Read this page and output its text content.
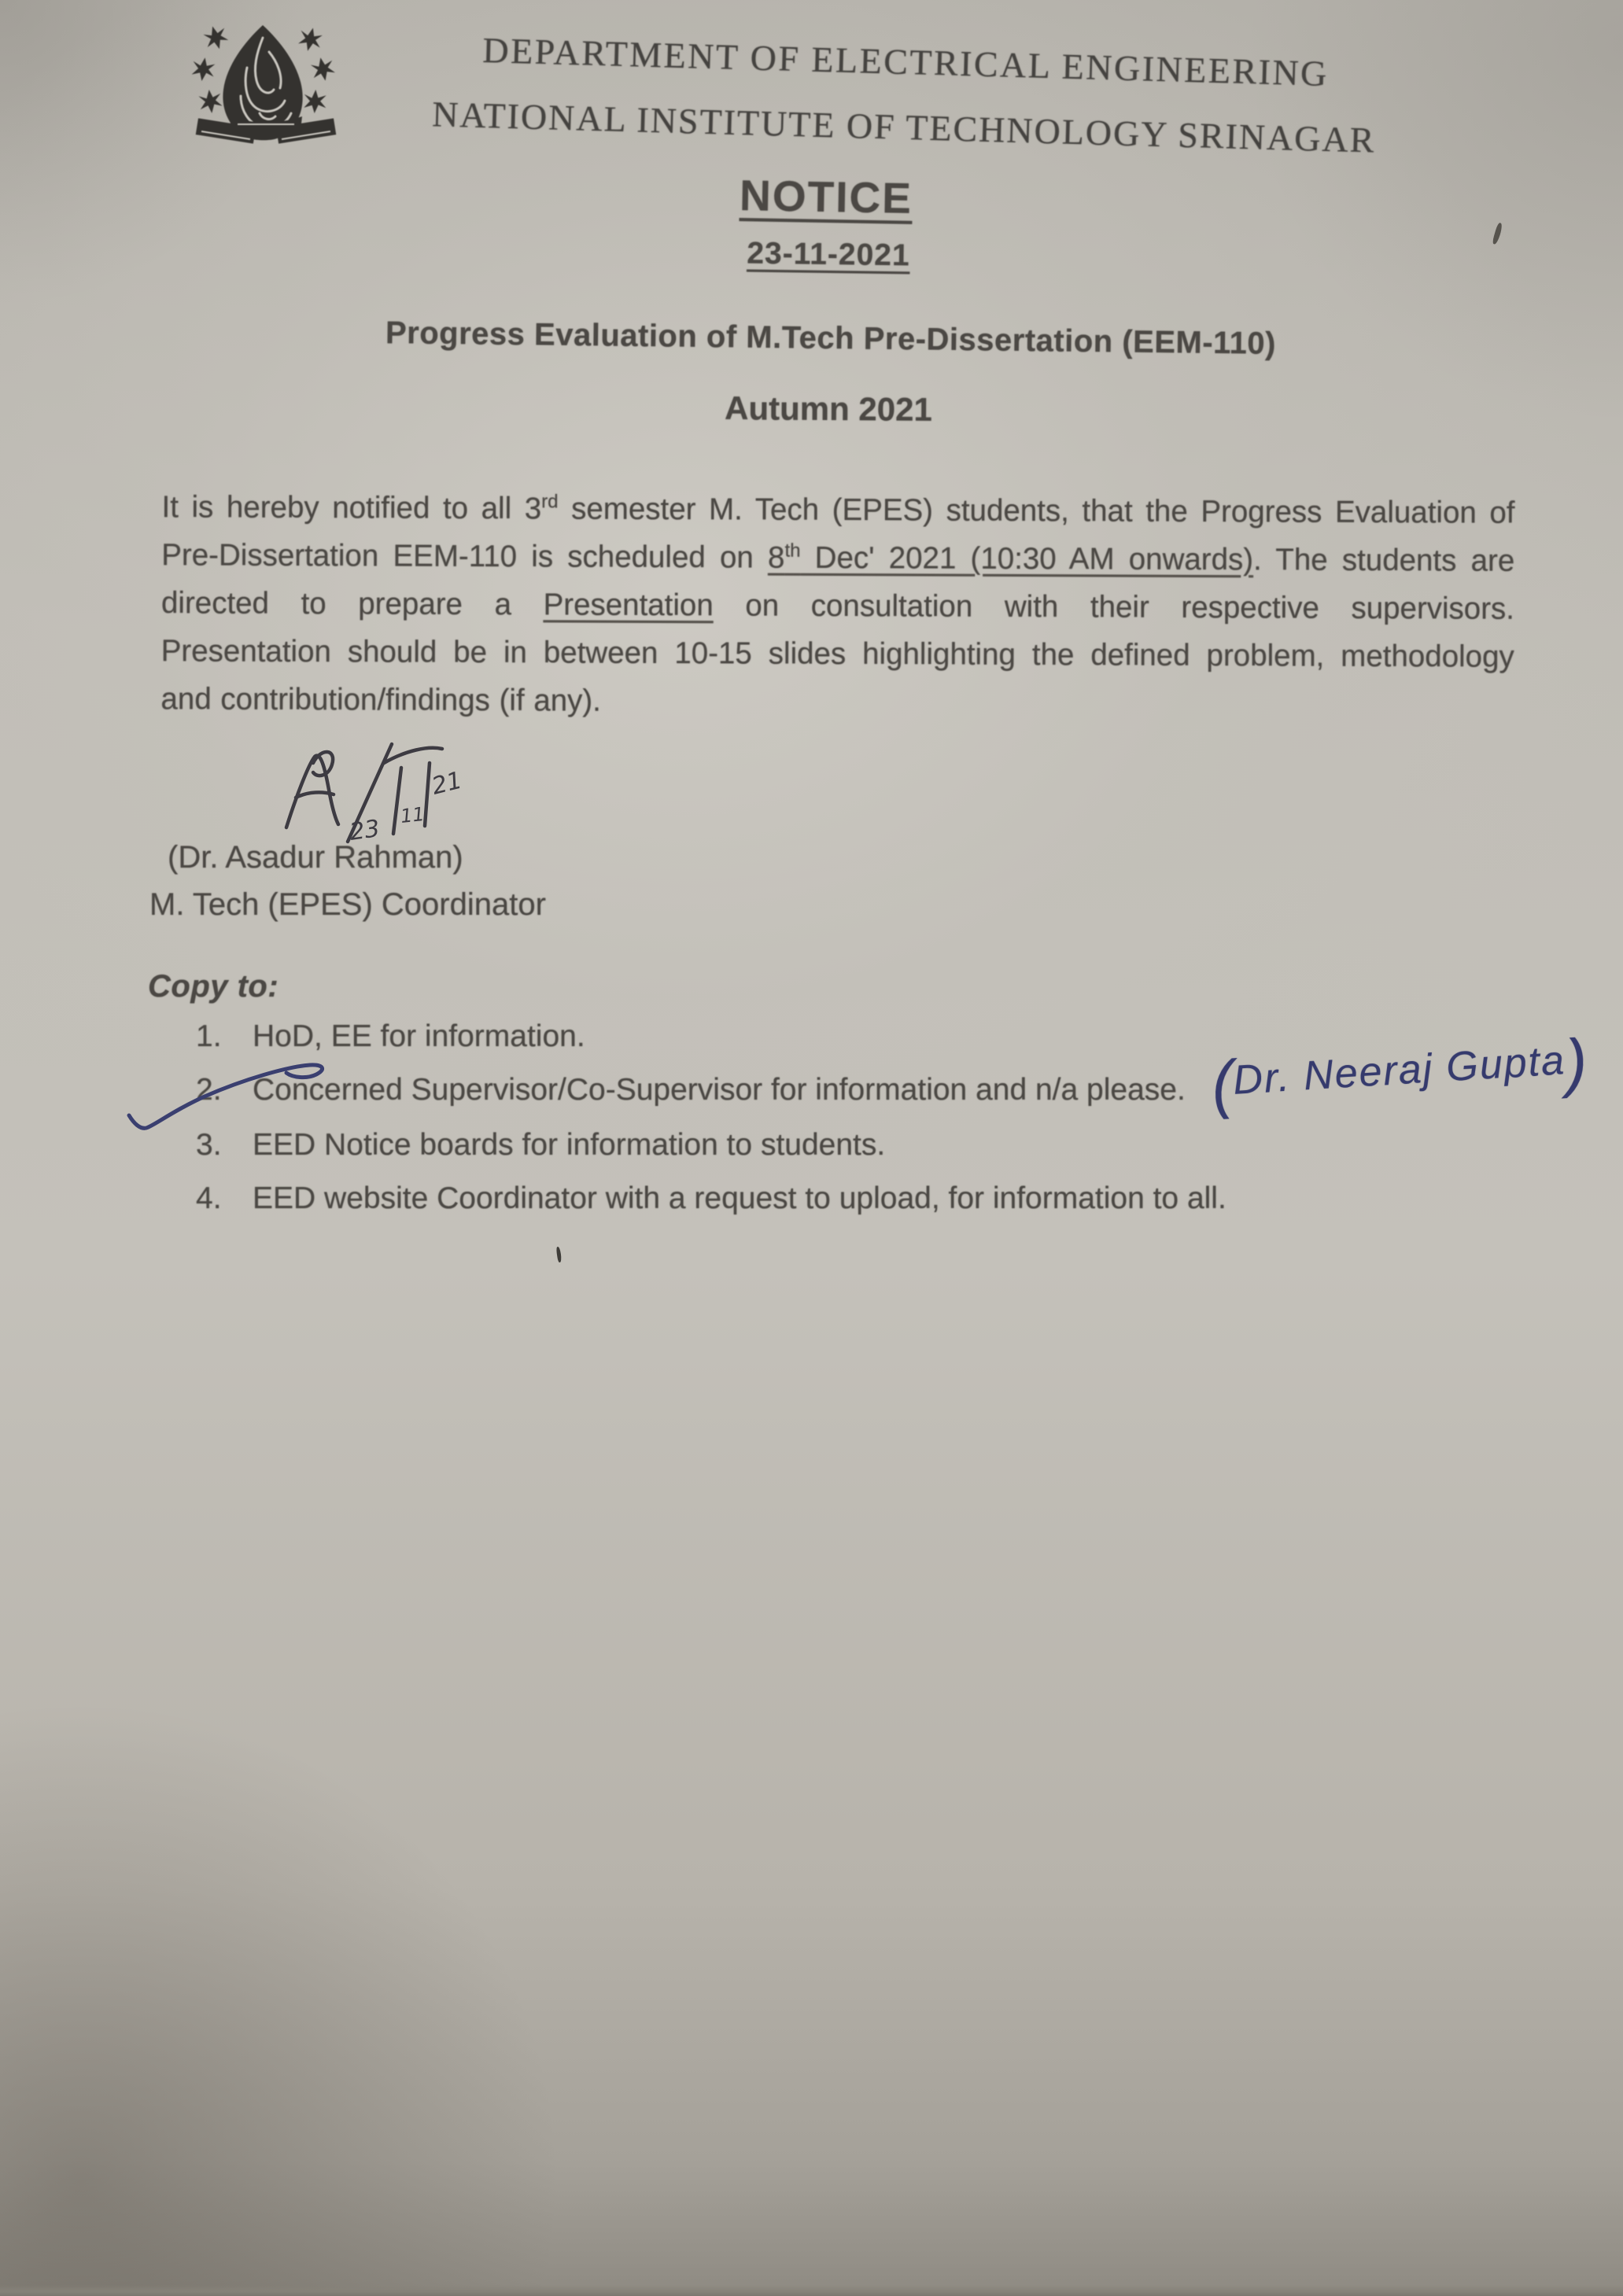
DEPARTMENT OF ELECTRICAL ENGINEERING
NATIONAL INSTITUTE OF TECHNOLOGY SRINAGAR
NOTICE
23-11-2021
Progress Evaluation of M.Tech Pre-Dissertation (EEM-110)
Autumn 2021
It is hereby notified to all 3rd semester M. Tech (EPES) students, that the Progress Evaluation of
Pre-Dissertation EEM-110 is scheduled on 8th Dec' 2021 (10:30 AM onwards). The students are
directed to prepare a Presentation on consultation with their respective supervisors.
Presentation should be in between 10-15 slides highlighting the defined problem, methodology
and contribution/findings (if any).
23 11
21
(Dr. Asadur Rahman)
M. Tech (EPES) Coordinator
Copy to:
1. HoD, EE for information.
2. Concerned Supervisor/Co-Supervisor for information and n/a please.
3. EED Notice boards for information to students.
4. EED website Coordinator with a request to upload, for information to all.
(Dr. Neeraj Gupta)
